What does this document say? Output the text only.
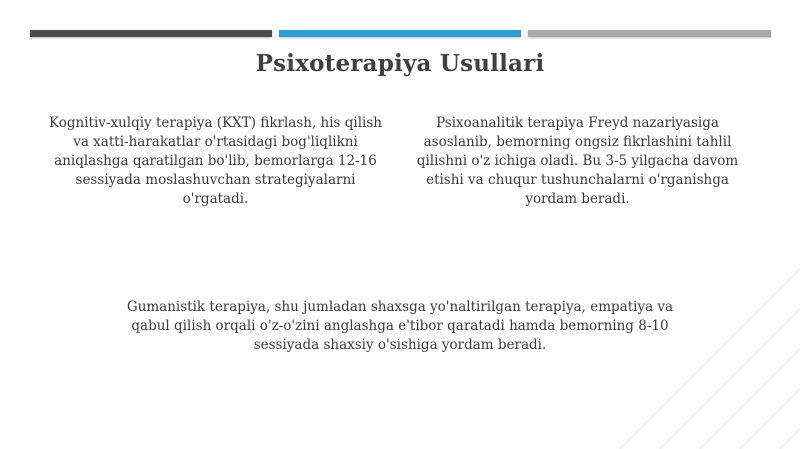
Psixoterapiya Usullari
Kognitiv-xulqiy terapiya (KXT) fikrlash, his qilish va xatti-harakatlar o'rtasidagi bog'liqlikni aniqlashga qaratilgan bo'lib, bemorlarga 12-16 sessiyada moslashuvchan strategiyalarni o'rgatadi.
Psixoanalitik terapiya Freyd nazariyasiga asoslanib, bemorning ongsiz fikrlashini tahlil qilishni o'z ichiga oladi. Bu 3-5 yilgacha davom etishi va chuqur tushunchalarni o'rganishga yordam beradi.
Gumanistik terapiya, shu jumladan shaxsga yo'naltirilgan terapiya, empatiya va qabul qilish orqali o'z-o'zini anglashga e'tibor qaratadi hamda bemorning 8-10 sessiyada shaxsiy o'sishiga yordam beradi.
